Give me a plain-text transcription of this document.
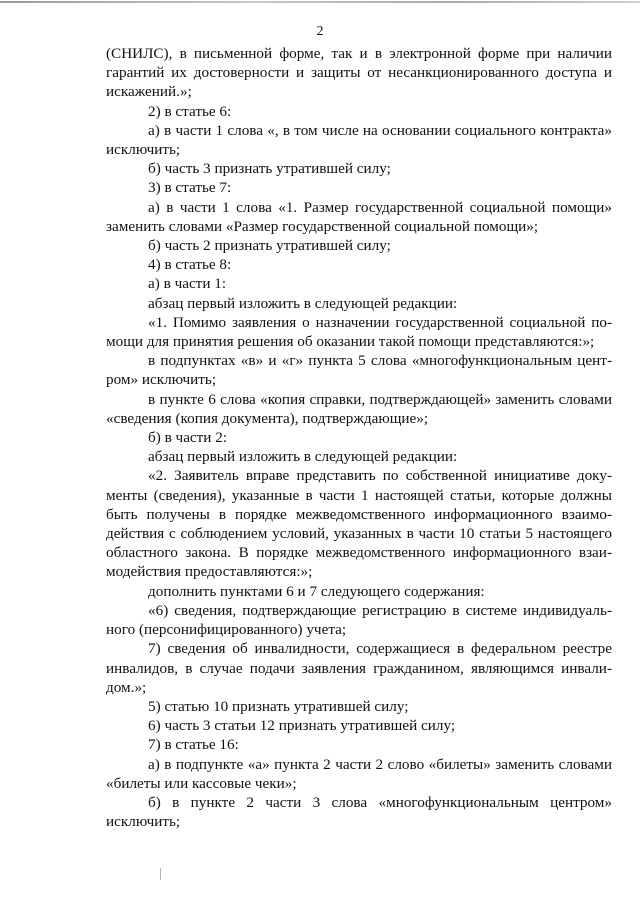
2

(СНИЛС), в письменной форме, так и в электронной форме при наличии гарантий их достоверности и защиты от несанкционированного доступа и искажений.»;

2) в статье 6:

а) в части 1 слова «, в том числе на основании социального контракта» исключить;

б) часть 3 признать утратившей силу;

3) в статье 7:

а) в части 1 слова «1. Размер государственной социальной помощи» заменить словами «Размер государственной социальной помощи»;

б) часть 2 признать утратившей силу;

4) в статье 8:

а) в части 1:

абзац первый изложить в следующей редакции:

«1. Помимо заявления о назначении государственной социальной помощи для принятия решения об оказании такой помощи представляются:»;

в подпунктах «в» и «г» пункта 5 слова «многофункциональным центром» исключить;

в пункте 6 слова «копия справки, подтверждающей» заменить словами «сведения (копия документа), подтверждающие»;

б) в части 2:

абзац первый изложить в следующей редакции:

«2. Заявитель вправе представить по собственной инициативе документы (сведения), указанные в части 1 настоящей статьи, которые должны быть получены в порядке межведомственного информационного взаимодействия с соблюдением условий, указанных в части 10 статьи 5 настоящего областного закона. В порядке межведомственного информационного взаимодействия предоставляются:»;

дополнить пунктами 6 и 7 следующего содержания:

«6) сведения, подтверждающие регистрацию в системе индивидуального (персонифицированного) учета;

7) сведения об инвалидности, содержащиеся в федеральном реестре инвалидов, в случае подачи заявления гражданином, являющимся инвалидом.»;

5) статью 10 признать утратившей силу;

6) часть 3 статьи 12 признать утратившей силу;

7) в статье 16:

а) в подпункте «а» пункта 2 части 2 слово «билеты» заменить словами «билеты или кассовые чеки»;

б) в пункте 2 части 3 слова «многофункциональным центром» исключить;
